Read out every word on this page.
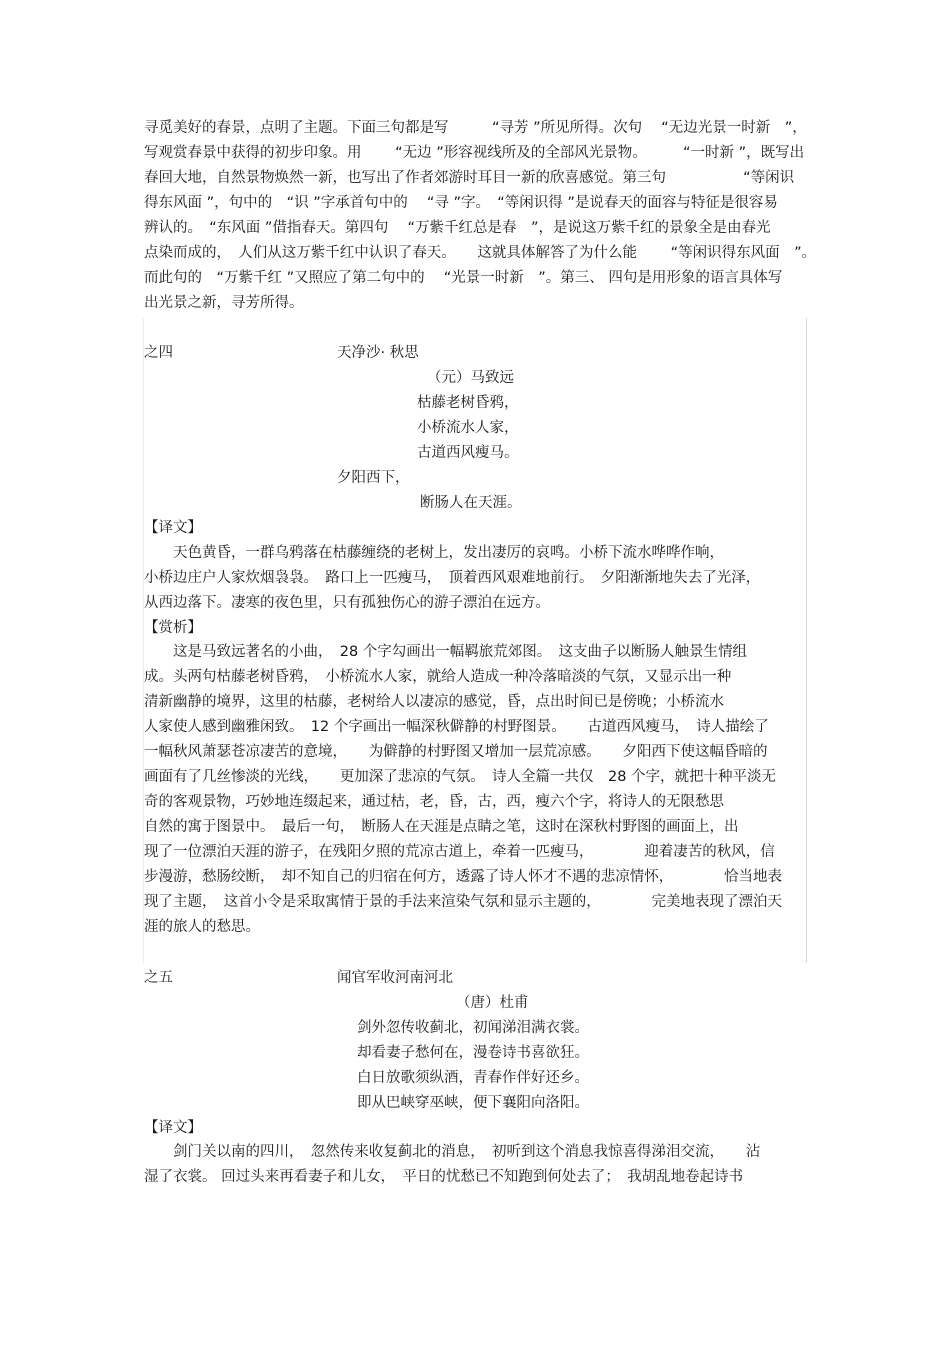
寻觅美好的春景，点明了主题。下面三句都是写　　　“寻芳 ”所见所得。次句　 “无边光景一时新　”，
写观赏春景中获得的初步印象。用　　 “无边 ”形容视线所及的全部风光景物。　　　“一时新 ”，既写出
春回大地，自然景物焕然一新，也写出了作者郊游时耳目一新的欣喜感觉。第三句　　　　　 “等闲识
得东风面 ”，句中的　“识 ”字承首句中的　 “寻 ”字。　“等闲识得 ”是说春天的面容与特征是很容易
辨认的。　“东风面 ”借指春天。第四句　 “万紫千红总是春　”，是说这万紫千红的景象全是由春光
点染而成的，　人们从这万紫千红中认识了春天。　　这就具体解答了为什么能　　 “等闲识得东风面　”。
而此句的　“万紫千红 ”又照应了第二句中的　 “光景一时新　”。第三、 四句是用形象的语言具体写
出光景之新，寻芳所得。
之四	天净沙· 秋思
（元）马致远
枯藤老树昏鸦，
小桥流水人家，
古道西风瘦马。
夕阳西下，
断肠人在天涯。
【译文】
　　天色黄昏，一群乌鸦落在枯藤缠绕的老树上，发出凄厉的哀鸣。小桥下流水哗哗作响，
小桥边庄户人家炊烟袅袅。　路口上一匹瘦马，　顶着西风艰难地前行。　夕阳渐渐地失去了光泽，
从西边落下。凄寒的夜色里，只有孤独伤心的游子漂泊在远方。
【赏析】
　　这是马致远著名的小曲，　28 个字勾画出一幅羁旅荒郊图。　这支曲子以断肠人触景生情组
成。头两句枯藤老树昏鸦，　小桥流水人家，就给人造成一种冷落暗淡的气氛，又显示出一种
清新幽静的境界，这里的枯藤，老树给人以凄凉的感觉，昏，点出时间已是傍晚；小桥流水
人家使人感到幽雅闲致。　12 个字画出一幅深秋僻静的村野图景。　　古道西风瘦马，　诗人描绘了
一幅秋风萧瑟苍凉凄苦的意境，　　为僻静的村野图又增加一层荒凉感。　　夕阳西下使这幅昏暗的
画面有了几丝惨淡的光线，　　更加深了悲凉的气氛。　诗人全篇一共仅　28 个字，就把十种平淡无
奇的客观景物，巧妙地连缀起来，通过枯，老，昏，古，西，瘦六个字，将诗人的无限愁思
自然的寓于图景中。　最后一句，　断肠人在天涯是点睛之笔，这时在深秋村野图的画面上，出
现了一位漂泊天涯的游子，在残阳夕照的荒凉古道上，牵着一匹瘦马，　　　　迎着凄苦的秋风，信
步漫游，愁肠绞断，　却不知自己的归宿在何方，透露了诗人怀才不遇的悲凉情怀，　　　　恰当地表
现了主题，　这首小令是采取寓情于景的手法来渲染气氛和显示主题的，　　　　完美地表现了漂泊天
涯的旅人的愁思。
之五	闻官军收河南河北
（唐）杜甫
剑外忽传收蓟北，初闻涕泪满衣裳。
却看妻子愁何在，漫卷诗书喜欲狂。
白日放歌须纵酒，青春作伴好还乡。
即从巴峡穿巫峡，便下襄阳向洛阳。
【译文】
　　剑门关以南的四川，　忽然传来收复蓟北的消息，　初听到这个消息我惊喜得涕泪交流，　　沾
湿了衣裳。 回过头来再看妻子和儿女，　平日的忧愁已不知跑到何处去了；　我胡乱地卷起诗书
